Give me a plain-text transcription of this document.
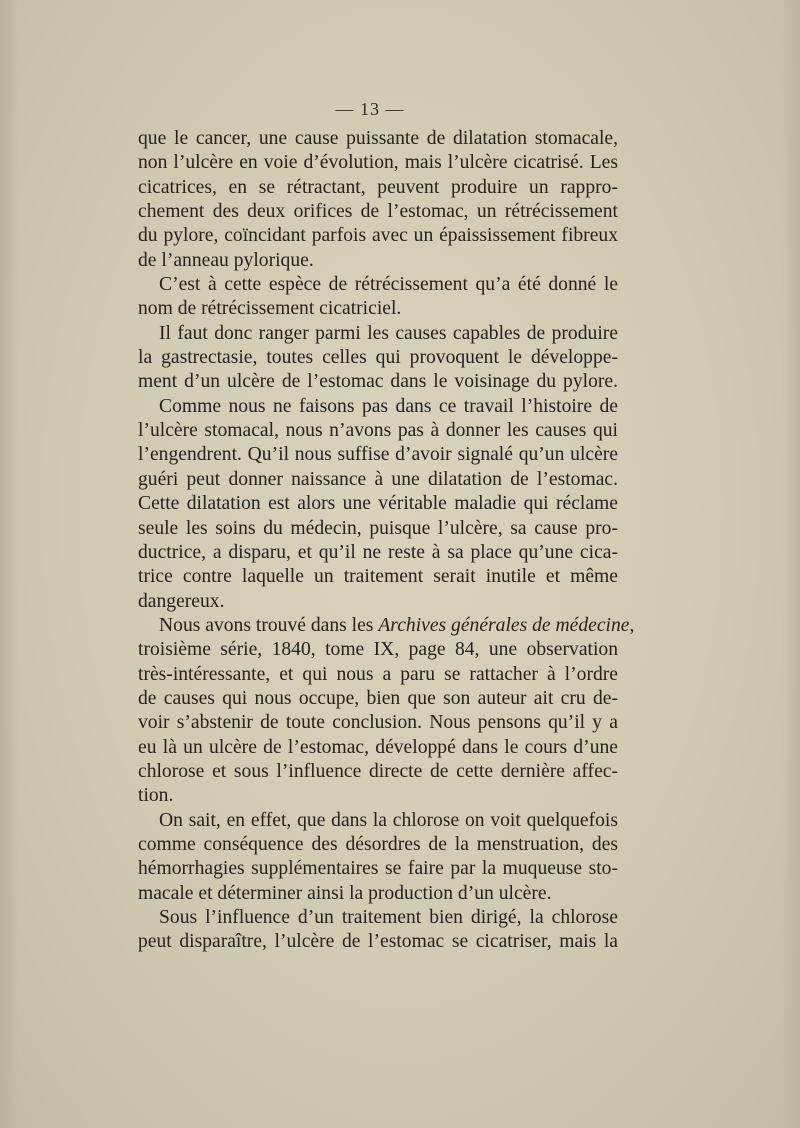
— 13 —
que le cancer, une cause puissante de dilatation stomacale,
non l’ulcère en voie d’évolution, mais l’ulcère cicatrisé. Les
cicatrices, en se rétractant, peuvent produire un rappro-
chement des deux orifices de l’estomac, un rétrécissement
du pylore, coïncidant parfois avec un épaississement fibreux
de l’anneau pylorique.
C’est à cette espèce de rétrécissement qu’a été donné le
nom de rétrécissement cicatriciel.
Il faut donc ranger parmi les causes capables de produire
la gastrectasie, toutes celles qui provoquent le développe-
ment d’un ulcère de l’estomac dans le voisinage du pylore.
Comme nous ne faisons pas dans ce travail l’histoire de
l’ulcère stomacal, nous n’avons pas à donner les causes qui
l’engendrent. Qu’il nous suffise d’avoir signalé qu’un ulcère
guéri peut donner naissance à une dilatation de l’estomac.
Cette dilatation est alors une véritable maladie qui réclame
seule les soins du médecin, puisque l’ulcère, sa cause pro-
ductrice, a disparu, et qu’il ne reste à sa place qu’une cica-
trice contre laquelle un traitement serait inutile et même
dangereux.
Nous avons trouvé dans les Archives générales de médecine,
troisième série, 1840, tome IX, page 84, une observation
très-intéressante, et qui nous a paru se rattacher à l’ordre
de causes qui nous occupe, bien que son auteur ait cru de-
voir s’abstenir de toute conclusion. Nous pensons qu’il y a
eu là un ulcère de l’estomac, développé dans le cours d’une
chlorose et sous l’influence directe de cette dernière affec-
tion.
On sait, en effet, que dans la chlorose on voit quelquefois
comme conséquence des désordres de la menstruation, des
hémorrhagies supplémentaires se faire par la muqueuse sto-
macale et déterminer ainsi la production d’un ulcère.
Sous l’influence d’un traitement bien dirigé, la chlorose
peut disparaître, l’ulcère de l’estomac se cicatriser, mais la
